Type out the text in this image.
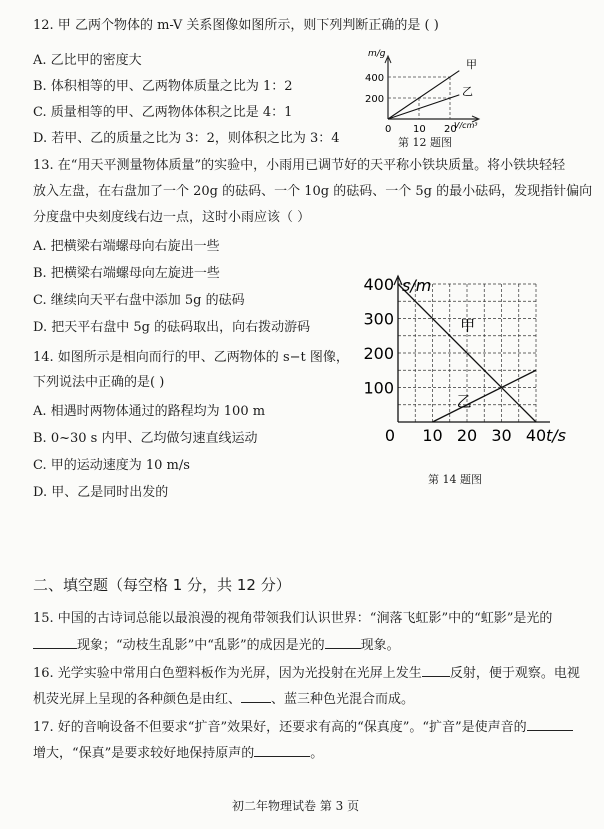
12. 甲 乙两个物体的 m-V 关系图像如图所示，则下列判断正确的是 ( )
A. 乙比甲的密度大
B. 体积相等的甲、乙两物体质量之比为 1：2
C. 质量相等的甲、乙两物体体积之比是 4：1
D. 若甲、乙的质量之比为 3：2，则体积之比为 3：4
m/g
V/cm³
400
200
0 10 20
甲
乙
第 12 题图
13. 在“用天平测量物体质量”的实验中，小雨用已调节好的天平称小铁块质量。将小铁块轻轻
放入左盘，在右盘加了一个 20g 的砝码、一个 10g 的砝码、一个 5g 的最小砝码，发现指针偏向
分度盘中央刻度线右边一点，这时小雨应该（ ）
A. 把横梁右端螺母向右旋出一些
B. 把横梁右端螺母向左旋进一些
C. 继续向天平右盘中添加 5g 的砝码
D. 把天平右盘中 5g 的砝码取出，向右拨动游码
14. 如图所示是相向而行的甲、乙两物体的 s−t 图像，
下列说法中正确的是( )
A. 相遇时两物体通过的路程均为 100 m
B. 0~30 s 内甲、乙均做匀速直线运动
C. 甲的运动速度为 10 m/s
D. 甲、乙是同时出发的
100
200
300
400
0 10 20 30 40
s/m
t/s
甲
乙
第 14 题图
二、填空题（每空格 1 分，共 12 分）
15. 中国的古诗词总能以最浪漫的视角带领我们认识世界：“涧落飞虹影”中的“虹影”是光的
现象；“动枝生乱影”中“乱影”的成因是光的	现象。
16. 光学实验中常用白色塑料板作为光屏，因为光投射在光屏上发生 反射，便于观察。电视
机荧光屏上呈现的各种颜色是由红、 、蓝三种色光混合而成。
17. 好的音响设备不但要求“扩音”效果好，还要求有高的“保真度”。“扩音”是使声音的
增大，“保真”是要求较好地保持原声的	。
初二年物理试卷 第 3 页
